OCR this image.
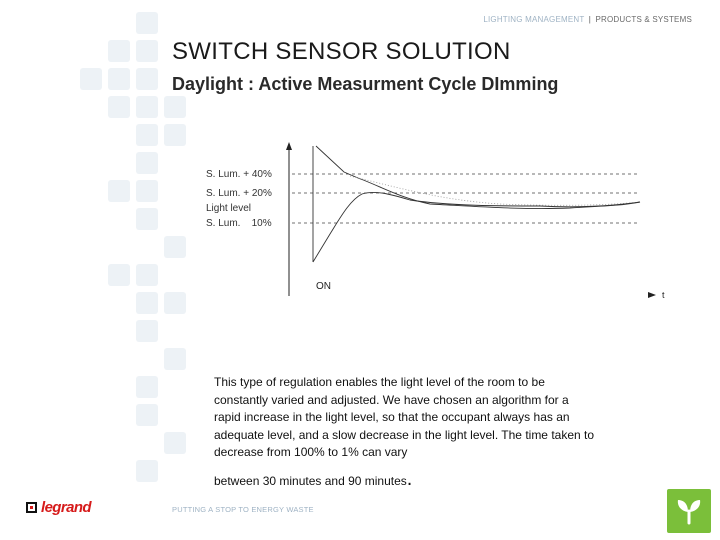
LIGHTING MANAGEMENT | PRODUCTS & SYSTEMS
SWITCH SENSOR SOLUTION
Daylight : Active Measurment Cycle DImming
t
S. Lum. + 40%
S. Lum. + 20%
Light level
S. Lum.    10%
ON
This type of regulation enables the light level of the room to be constantly varied and adjusted. We have chosen an algorithm for a rapid increase in the light level, so that the occupant always has an adequate level, and a slow decrease in the light level. The time taken to decrease from 100% to 1% can vary
between 30 minutes and 90 minutes.
legrand	PUTTING A STOP TO ENERGY WASTE
